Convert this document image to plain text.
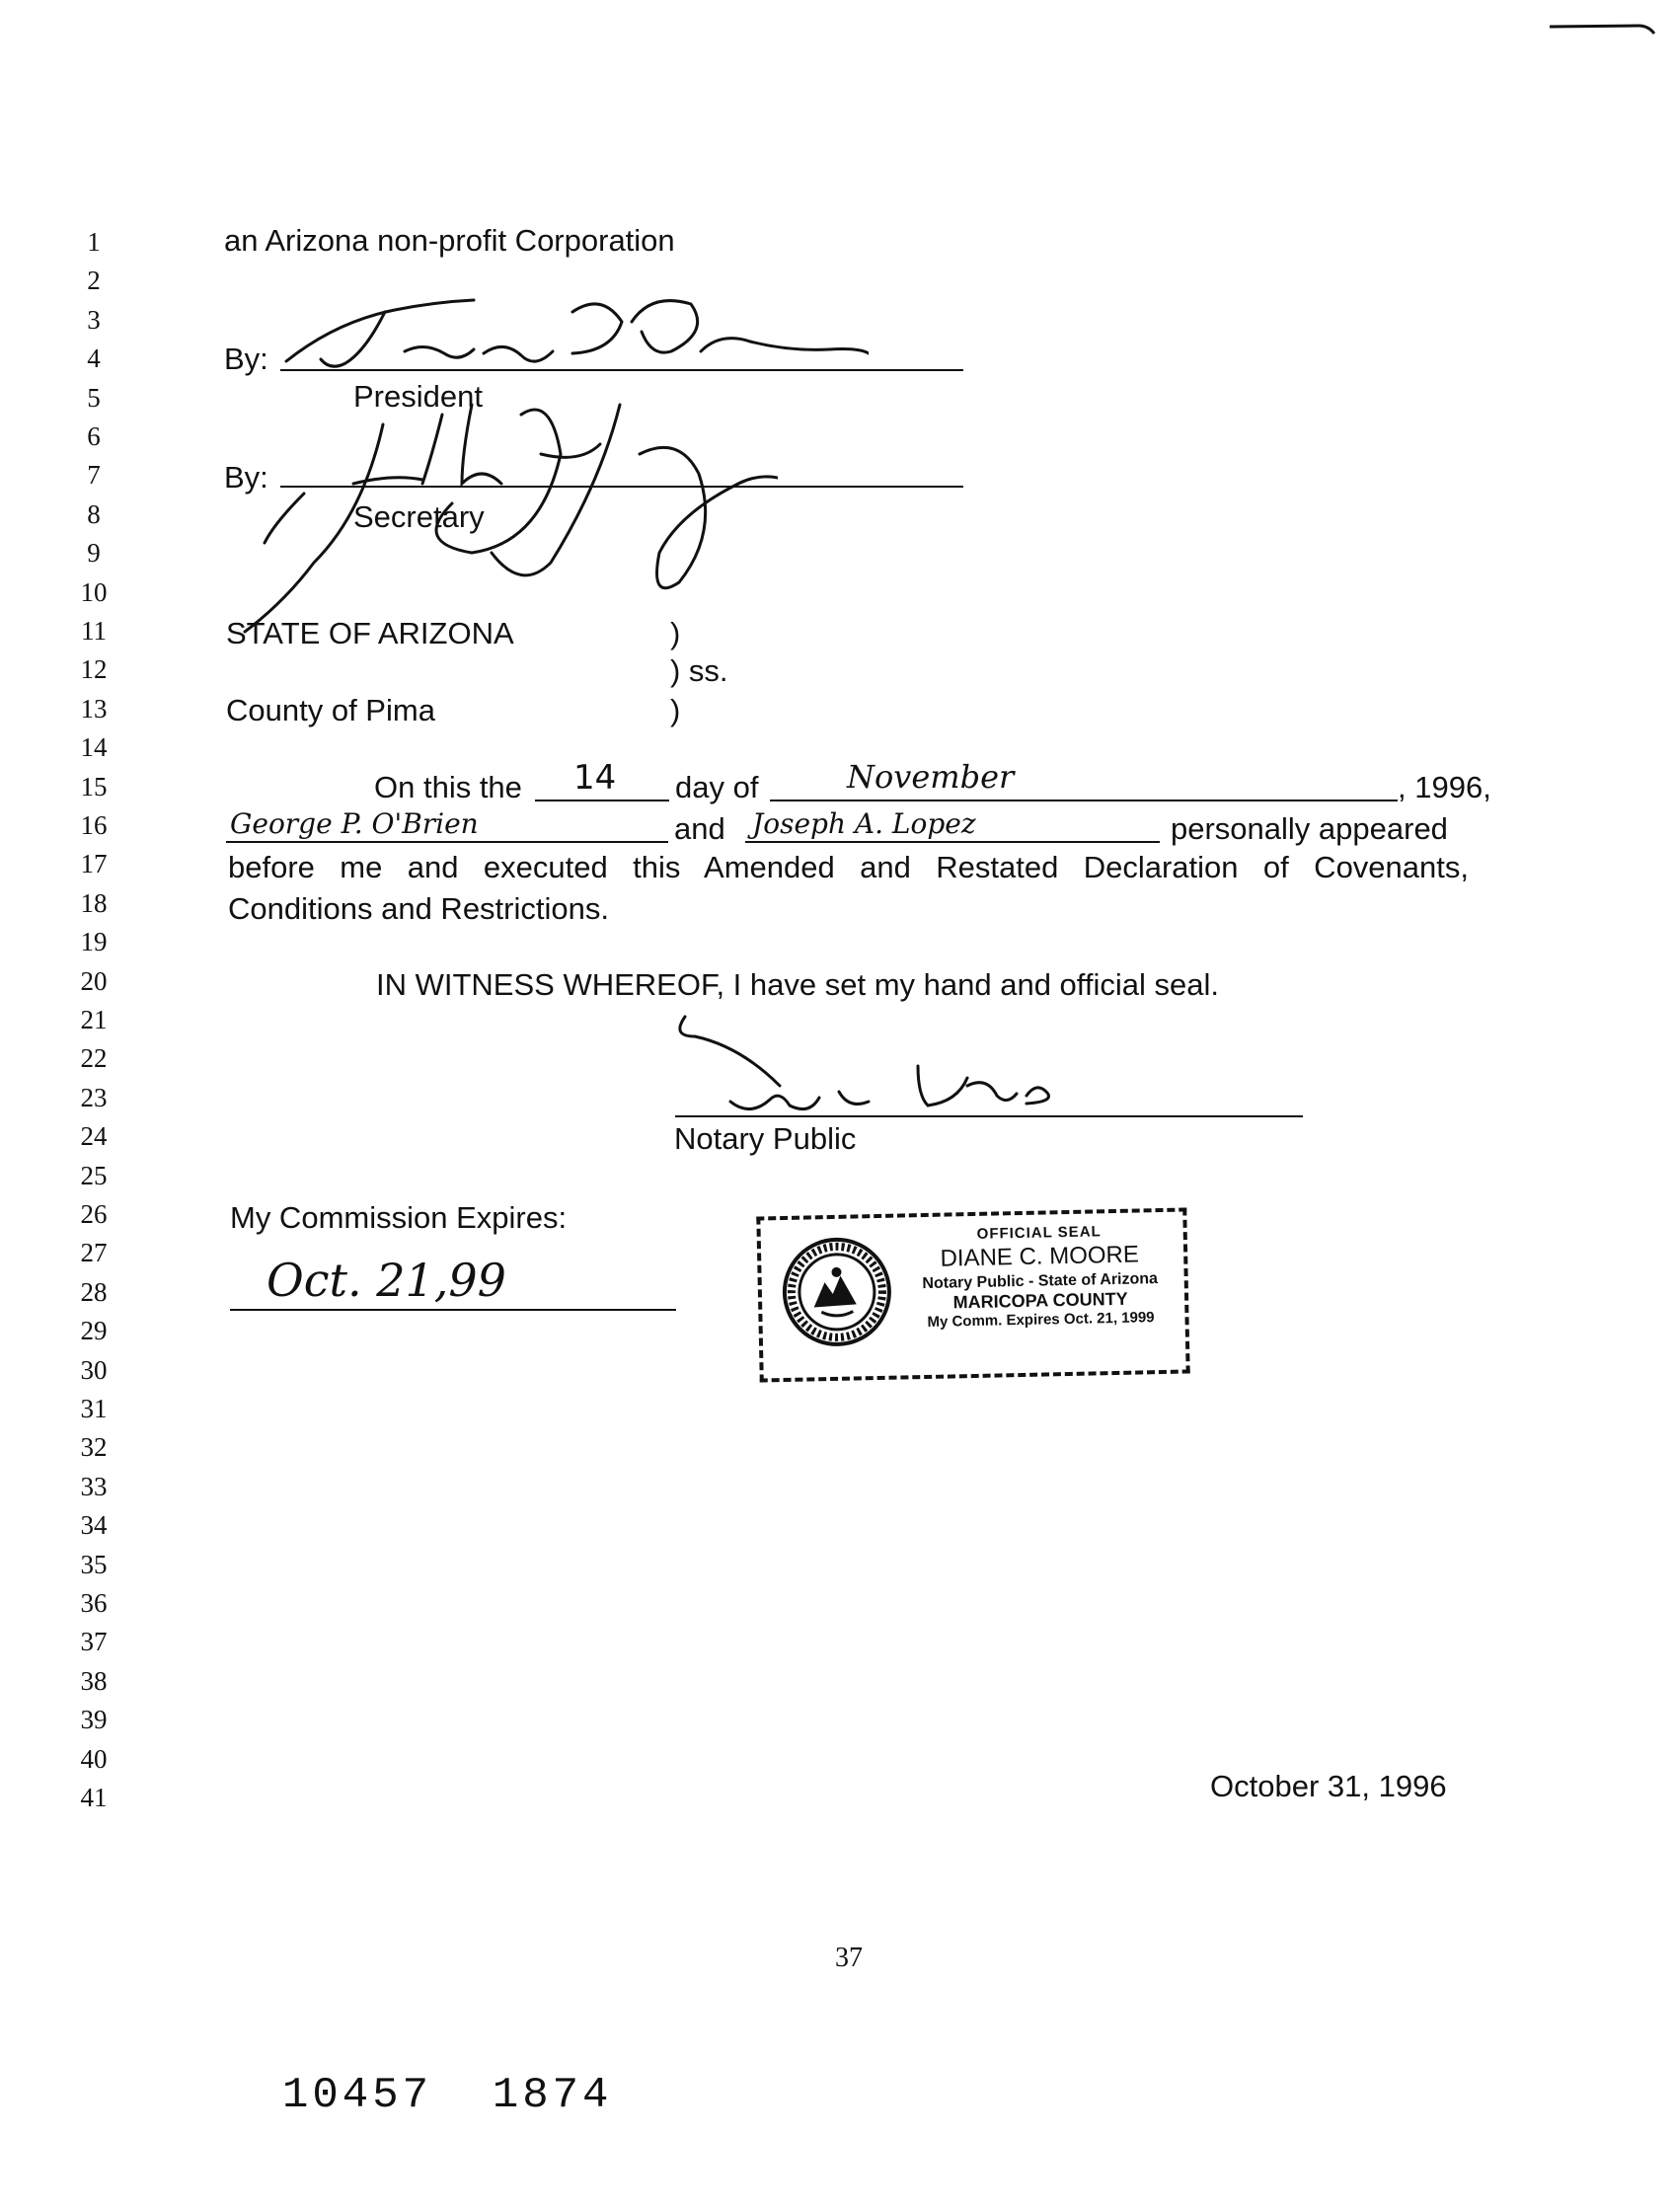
1
2
3
4
5
6
7
8
9
10
11
12
13
14
15
16
17
18
19
20
21
22
23
24
25
26
27
28
29
30
31
32
33
34
35
36
37
38
39
40
41
an Arizona non-profit Corporation
By:
President
By:
Secretary
STATE OF ARIZONA	)
) ss.
County of Pima	)
On this the 14 day of	November	, 1996,
George P. O'Brien	and Joseph A. Lopez	personally appeared
before me and executed this Amended and Restated Declaration of Covenants,
Conditions and Restrictions.
IN WITNESS WHEREOF, I have set my hand and official seal.
Notary Public
My Commission Expires:
Oct. 21,99
OFFICIAL SEAL
DIANE C. MOORE
Notary Public - State of Arizona
MARICOPA COUNTY
My Comm. Expires Oct. 21, 1999
October 31, 1996
37
10457  1874
